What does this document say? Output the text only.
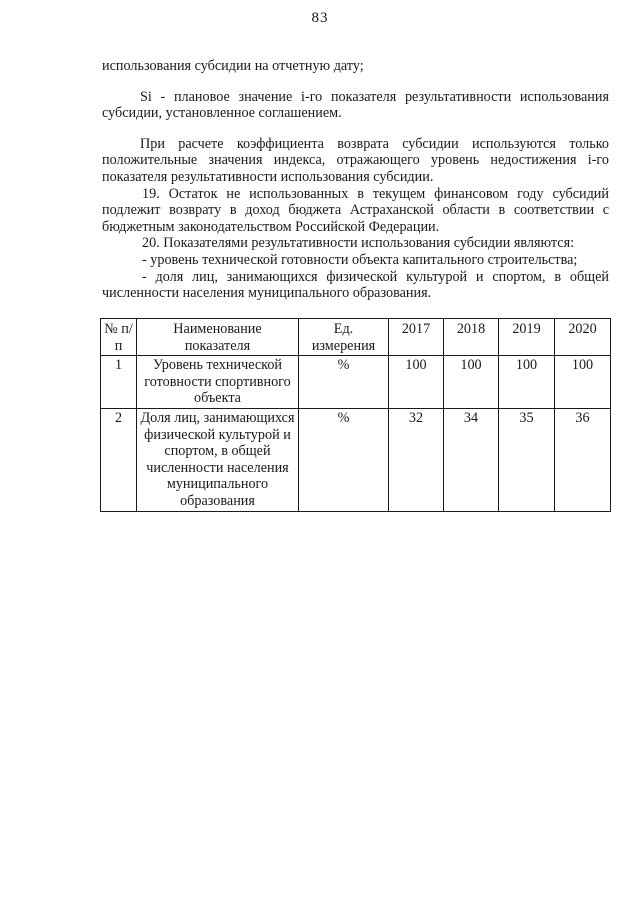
83

использования субсидии на отчетную дату;

Si - плановое значение i-го показателя результативности использования субсидии, установленное соглашением.

При расчете коэффициента возврата субсидии используются только положительные значения индекса, отражающего уровень недостижения i-го показателя результативности использования субсидии.

19. Остаток не использованных в текущем финансовом году субсидий подлежит возврату в доход бюджета Астраханской области в соответствии с бюджетным законодательством Российской Федерации.

20. Показателями результативности использования субсидии являются:

- уровень технической готовности объекта капитального строительства;

- доля лиц, занимающихся физической культурой и спортом, в общей численности населения муниципального образования.

№ п/п	Наименование показателя	Ед. измерения	2017	2018	2019	2020
1	Уровень технической готовности спортивного объекта	%	100	100	100	100
2	Доля лиц, занимающихся физической культурой и спортом, в общей численности населения муниципального образования	%	32	34	35	36
